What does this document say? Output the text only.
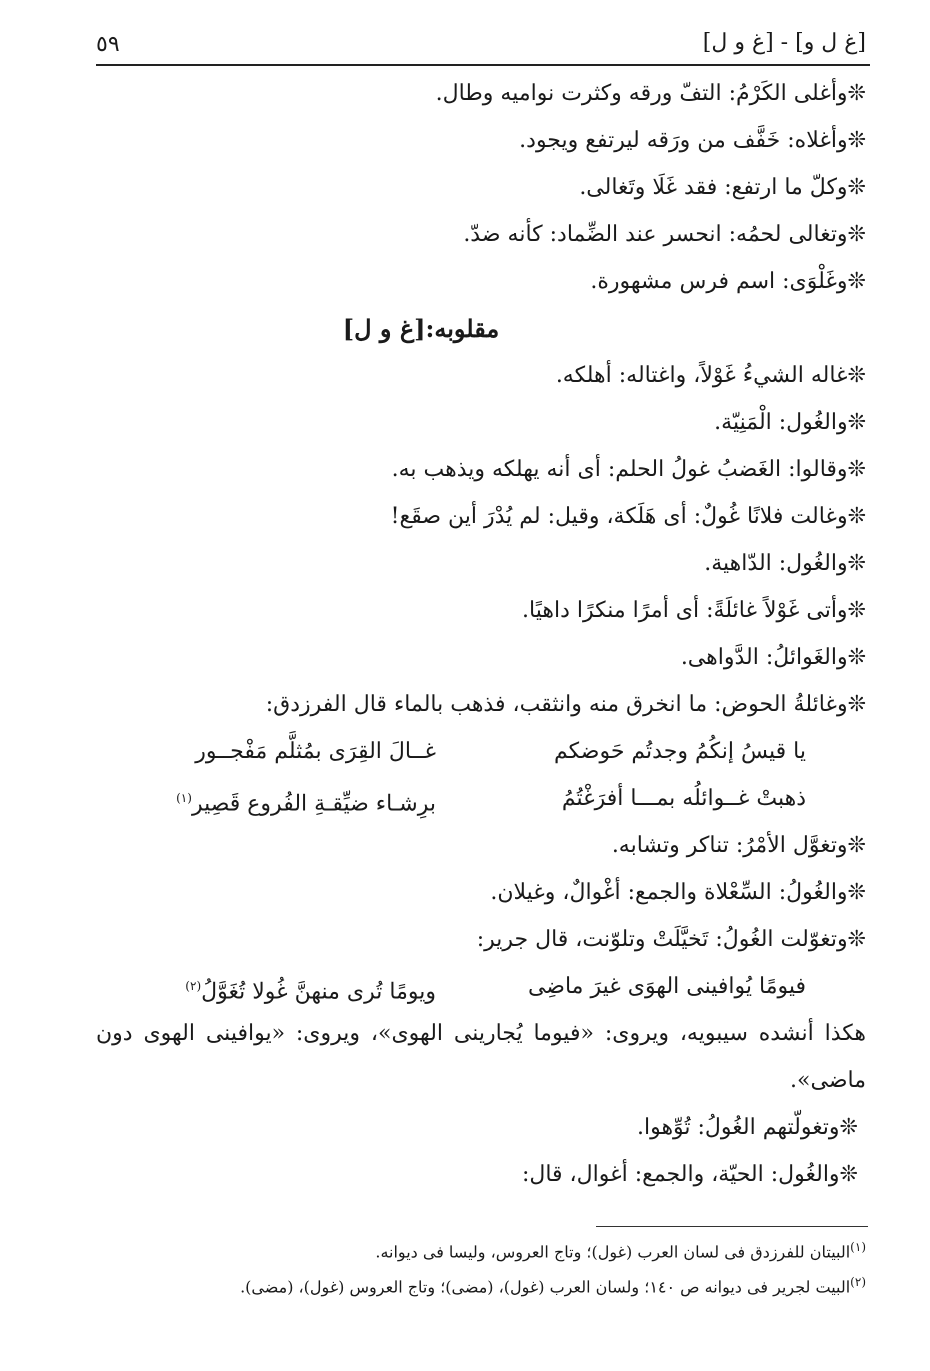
٥٩	[غ ل و] - [غ و ل]
❊وأغلى الكَرْمُ: التفّ ورقه وكثرت نواميه وطال.
❊وأغلاه: خَفَّف من ورَقه ليرتفع ويجود.
❊وكلّ ما ارتفع: فقد غَلَا وتَغالى.
❊وتغالى لحمُه: انحسر عند الضِّماد: كأنه ضدّ.
❊وغَلْوَى: اسم فرس مشهورة.
مقلوبه:[غ و ل]
❊غاله الشيءُ غَوْلاً، واغتاله: أهلكه.
❊والغُول: الْمَنِيّة.
❊وقالوا: الغَضبُ غولُ الحلم: أى أنه يهلكه ويذهب به.
❊وغالت فلانًا غُولٌ: أى هَلَكة، وقيل: لم يُدْرَ أين صقَع!
❊والغُول: الدّاهية.
❊وأتى غَوْلاً غائلَةً: أى أمرًا منكرًا داهيًا.
❊والغَوائلُ: الدَّواهى.
❊وغائلةُ الحوض: ما انخرق منه وانثقب، فذهب بالماء قال الفرزدق:
يا قيسُ إنكُمُ وجدتُم حَوضكم
غــالَ القِرَى بمُثلَّم مَفْجــور
ذهبتْ غــوائلُه بمـــا أفرَغْتُمُ
برِشـاء ضيِّقـةِ الفُروع قَصِير$^{(١)}$
❊وتغوَّل الأمْرُ: تناكر وتشابه.
❊والغُولُ: السِّعْلاة والجمع: أغْوالٌ، وغيلان.
❊وتغوّلت الغُولُ: تَخيَّلَتْ وتلوّنت، قال جرير:
فيومًا يُوافينى الهوَى غيرَ ماضِى
ويومًا تُرى منهنَّ غُولا تُغَوَّلُ$^{(٢)}$
هكذا أنشده سيبويه، ويروى: «فيوما يُجارينى الهوى»، ويروى: «يوافينى الهوى دون ماضى».
❊وتغولّتهم الغُولُ: تُوِّهوا.
❊والغُول: الحيّة، والجمع: أغوال، قال:
$^{(١)}$البيتان للفرزدق فى لسان العرب (غول)؛ وتاج العروس، وليسا فى ديوانه.
$^{(٢)}$البيت لجرير فى ديوانه ص ١٤٠؛ ولسان العرب (غول)، (مضى)؛ وتاج العروس (غول)، (مضى).
